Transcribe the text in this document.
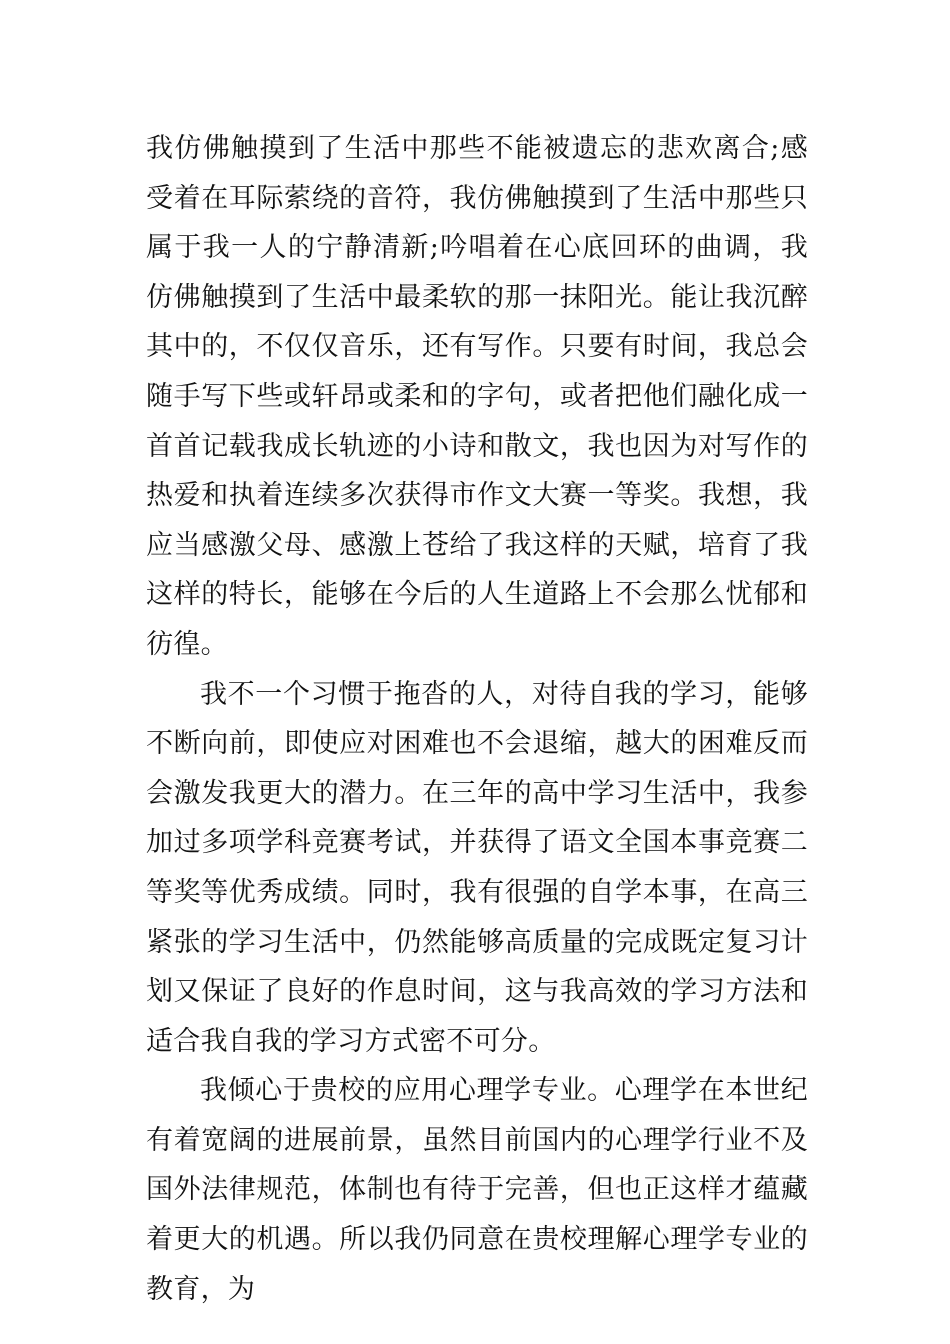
我仿佛触摸到了生活中那些不能被遗忘的悲欢离合;感受着在耳际萦绕的音符，我仿佛触摸到了生活中那些只属于我一人的宁静清新;吟唱着在心底回环的曲调，我仿佛触摸到了生活中最柔软的那一抹阳光。能让我沉醉其中的，不仅仅音乐，还有写作。只要有时间，我总会随手写下些或轩昂或柔和的字句，或者把他们融化成一首首记载我成长轨迹的小诗和散文，我也因为对写作的热爱和执着连续多次获得市作文大赛一等奖。我想，我应当感激父母、感激上苍给了我这样的天赋，培育了我这样的特长，能够在今后的人生道路上不会那么忧郁和彷徨。

我不一个习惯于拖沓的人，对待自我的学习，能够不断向前，即使应对困难也不会退缩，越大的困难反而会激发我更大的潜力。在三年的高中学习生活中，我参加过多项学科竞赛考试，并获得了语文全国本事竞赛二等奖等优秀成绩。同时，我有很强的自学本事，在高三紧张的学习生活中，仍然能够高质量的完成既定复习计划又保证了良好的作息时间，这与我高效的学习方法和适合我自我的学习方式密不可分。

我倾心于贵校的应用心理学专业。心理学在本世纪有着宽阔的进展前景，虽然目前国内的心理学行业不及国外法律规范，体制也有待于完善，但也正这样才蕴藏着更大的机遇。所以我仍同意在贵校理解心理学专业的教育，为
